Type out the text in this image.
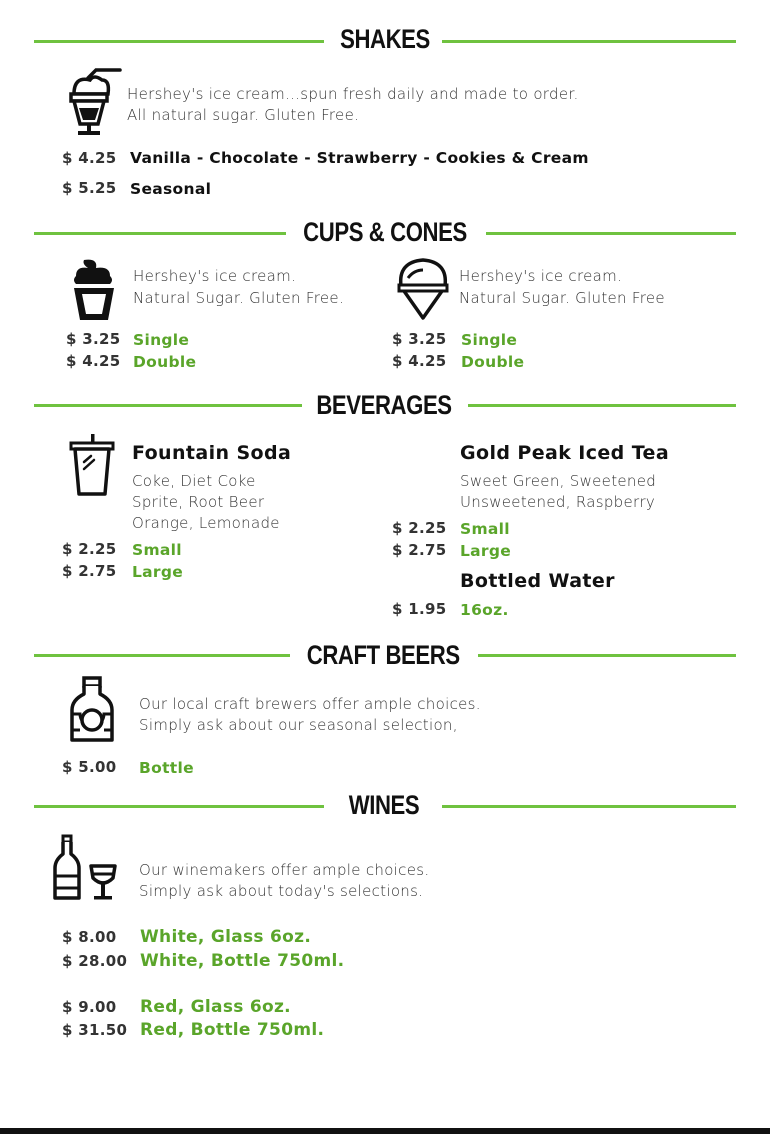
SHAKES
Hershey's ice cream...spun fresh daily and made to order.
All natural sugar. Gluten Free.
$ 4.25 Vanilla - Chocolate - Strawberry - Cookies & Cream
$ 5.25 Seasonal
CUPS & CONES
Hershey's ice cream.
Natural Sugar. Gluten Free.
$ 3.25 Single
$ 4.25 Double
Hershey's ice cream.
Natural Sugar. Gluten Free
$ 3.25 Single
$ 4.25 Double
BEVERAGES
Fountain Soda
Coke, Diet Coke
Sprite, Root Beer
Orange, Lemonade
$ 2.25 Small
$ 2.75 Large
Gold Peak Iced Tea
Sweet Green, Sweetened
Unsweetened, Raspberry
$ 2.25 Small
$ 2.75 Large
Bottled Water
$ 1.95 16oz.
CRAFT BEERS
Our local craft brewers offer ample choices.
Simply ask about our seasonal selection,
$ 5.00 Bottle
WINES
Our winemakers offer ample choices.
Simply ask about today's selections.
$ 8.00 White, Glass 6oz.
$ 28.00 White, Bottle 750ml.
$ 9.00 Red, Glass 6oz.
$ 31.50 Red, Bottle 750ml.
